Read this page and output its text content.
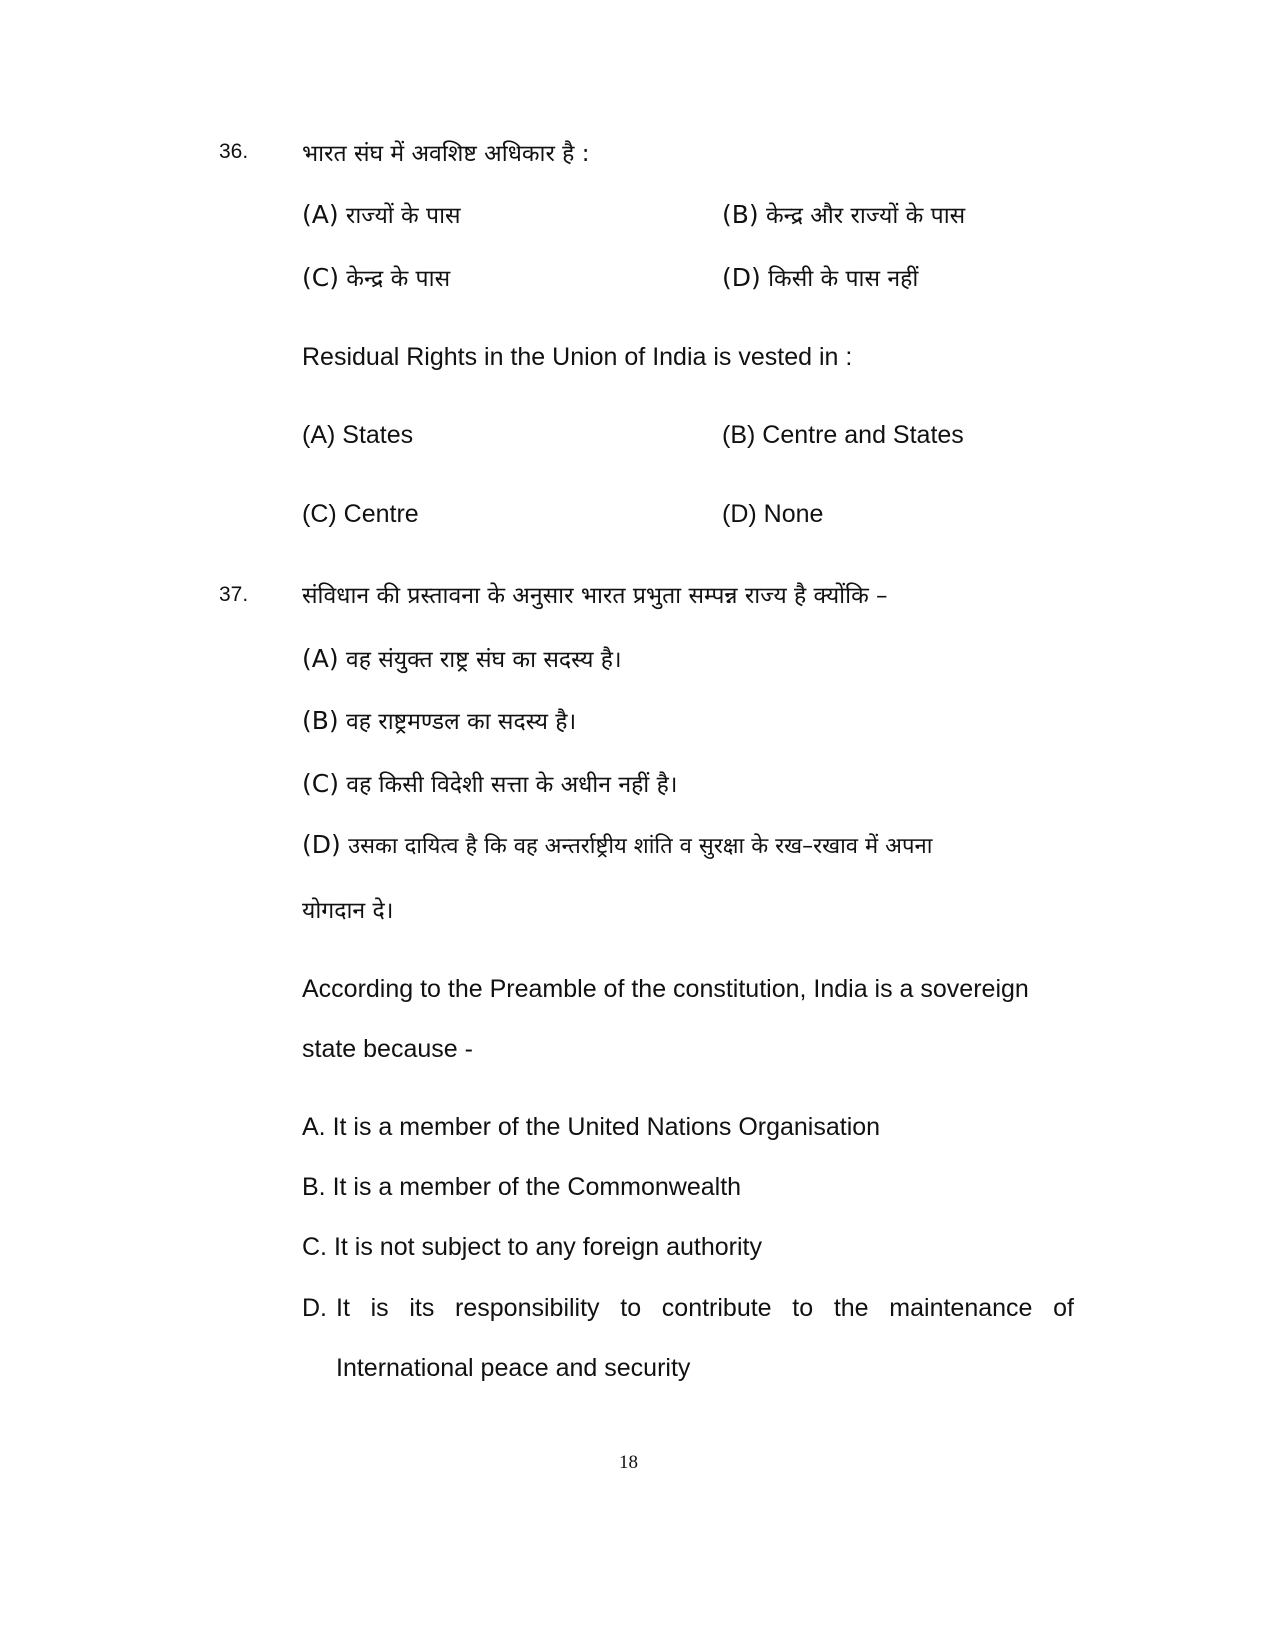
36. भारत संघ में अवशिष्ट अधिकार है :
(A) राज्यों के पास	(B) केन्द्र और राज्यों के पास
(C) केन्द्र के पास	(D) किसी के पास नहीं
Residual Rights in the Union of India is vested in :
(A) States	(B) Centre and States
(C) Centre	(D) None
37. संविधान की प्रस्तावना के अनुसार भारत प्रभुता सम्पन्न राज्य है क्योंकि –
(A) वह संयुक्त राष्ट्र संघ का सदस्य है।
(B) वह राष्ट्रमण्डल का सदस्य है।
(C) वह किसी विदेशी सत्ता के अधीन नहीं है।
(D) उसका दायित्व है कि वह अन्तर्राष्ट्रीय शांति व सुरक्षा के रख–रखाव में अपना
योगदान दे।
According to the Preamble of the constitution, India is a sovereign
state because -
A. It is a member of the United Nations Organisation
B. It is a member of the Commonwealth
C. It is not subject to any foreign authority
D. It is its responsibility to contribute to the maintenance of
International peace and security
18
